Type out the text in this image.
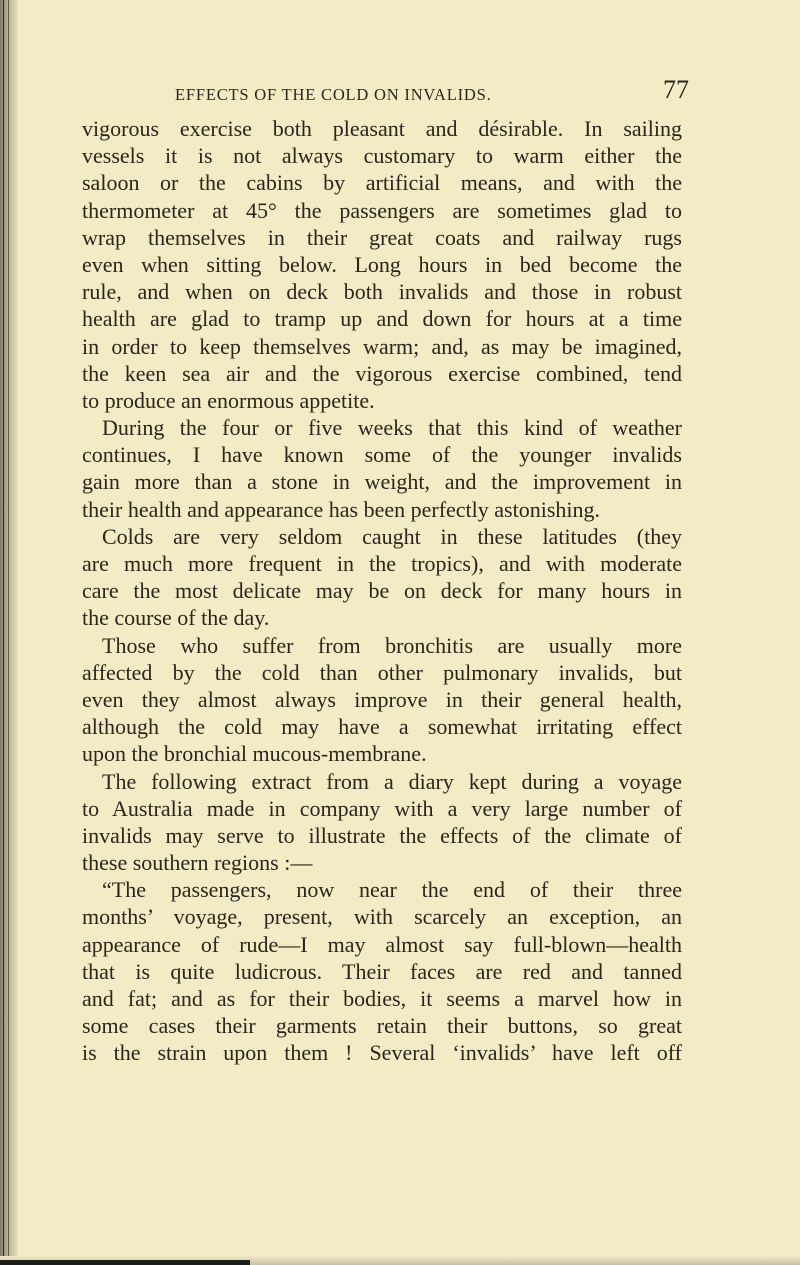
EFFECTS OF THE COLD ON INVALIDS.	77
vigorous exercise both pleasant and désirable. In sailing
vessels it is not always customary to warm either the
saloon or the cabins by artificial means, and with the
thermometer at 45° the passengers are sometimes glad to
wrap themselves in their great coats and railway rugs
even when sitting below. Long hours in bed become the
rule, and when on deck both invalids and those in robust
health are glad to tramp up and down for hours at a time
in order to keep themselves warm; and, as may be imagined,
the keen sea air and the vigorous exercise combined, tend
to produce an enormous appetite.
During the four or five weeks that this kind of weather
continues, I have known some of the younger invalids
gain more than a stone in weight, and the improvement in
their health and appearance has been perfectly astonishing.
Colds are very seldom caught in these latitudes (they
are much more frequent in the tropics), and with moderate
care the most delicate may be on deck for many hours in
the course of the day.
Those who suffer from bronchitis are usually more
affected by the cold than other pulmonary invalids, but
even they almost always improve in their general health,
although the cold may have a somewhat irritating effect
upon the bronchial mucous-membrane.
The following extract from a diary kept during a voyage
to Australia made in company with a very large number of
invalids may serve to illustrate the effects of the climate of
these southern regions :—
“The passengers, now near the end of their three
months’ voyage, present, with scarcely an exception, an
appearance of rude—I may almost say full-blown—health
that is quite ludicrous. Their faces are red and tanned
and fat; and as for their bodies, it seems a marvel how in
some cases their garments retain their buttons, so great
is the strain upon them ! Several ‘invalids’ have left off
